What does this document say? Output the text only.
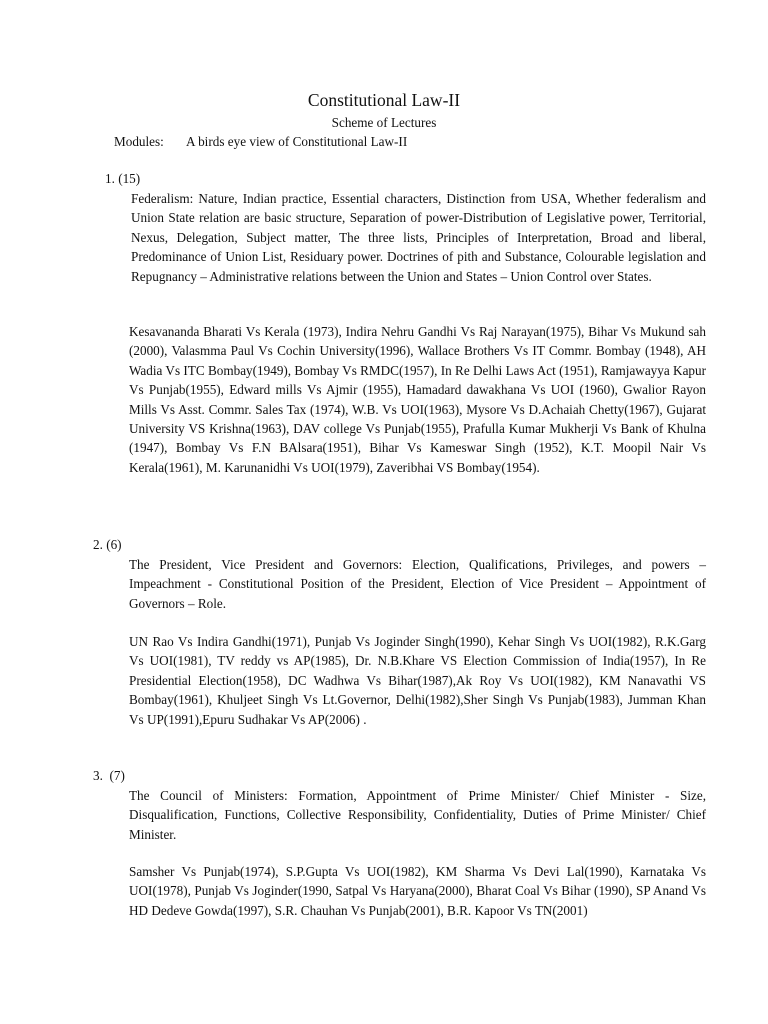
Constitutional Law-II
Scheme of Lectures
Modules: A birds eye view of Constitutional Law-II
1. (15)
Federalism: Nature, Indian practice, Essential characters, Distinction from USA, Whether federalism and Union State relation are basic structure, Separation of power-Distribution of Legislative power, Territorial, Nexus, Delegation, Subject matter, The three lists, Principles of Interpretation, Broad and liberal, Predominance of Union List, Residuary power. Doctrines of pith and Substance, Colourable legislation and Repugnancy – Administrative relations between the Union and States – Union Control over States.
Kesavananda Bharati Vs Kerala (1973), Indira Nehru Gandhi Vs Raj Narayan(1975), Bihar Vs Mukund sah (2000), Valasmma Paul Vs Cochin University(1996), Wallace Brothers Vs IT Commr. Bombay (1948), AH Wadia Vs ITC Bombay(1949), Bombay Vs RMDC(1957), In Re Delhi Laws Act (1951), Ramjawayya Kapur Vs Punjab(1955), Edward mills Vs Ajmir (1955), Hamadard dawakhana Vs UOI (1960), Gwalior Rayon Mills Vs Asst. Commr. Sales Tax (1974), W.B. Vs UOI(1963), Mysore Vs D.Achaiah Chetty(1967), Gujarat University VS Krishna(1963), DAV college Vs Punjab(1955), Prafulla Kumar Mukherji Vs Bank of Khulna (1947), Bombay Vs F.N BAlsara(1951), Bihar Vs Kameswar Singh (1952), K.T. Moopil Nair Vs Kerala(1961), M. Karunanidhi Vs UOI(1979), Zaveribhai VS Bombay(1954).
2. (6)
The President, Vice President and Governors: Election, Qualifications, Privileges, and powers – Impeachment - Constitutional Position of the President, Election of Vice President – Appointment of Governors – Role.
UN Rao Vs Indira Gandhi(1971), Punjab Vs Joginder Singh(1990), Kehar Singh Vs UOI(1982), R.K.Garg Vs UOI(1981), TV reddy vs AP(1985), Dr. N.B.Khare VS Election Commission of India(1957), In Re Presidential Election(1958), DC Wadhwa Vs Bihar(1987),Ak Roy Vs UOI(1982), KM Nanavathi VS Bombay(1961), Khuljeet Singh Vs Lt.Governor, Delhi(1982),Sher Singh Vs Punjab(1983), Jumman Khan Vs UP(1991),Epuru Sudhakar Vs AP(2006) .
3.  (7)
The Council of Ministers: Formation, Appointment of Prime Minister/ Chief Minister - Size, Disqualification, Functions, Collective Responsibility, Confidentiality, Duties of Prime Minister/ Chief Minister.
Samsher Vs Punjab(1974), S.P.Gupta Vs UOI(1982), KM Sharma Vs Devi Lal(1990), Karnataka Vs UOI(1978), Punjab Vs Joginder(1990, Satpal Vs Haryana(2000), Bharat Coal Vs Bihar (1990), SP Anand Vs HD Dedeve Gowda(1997), S.R. Chauhan Vs Punjab(2001), B.R. Kapoor Vs TN(2001)
